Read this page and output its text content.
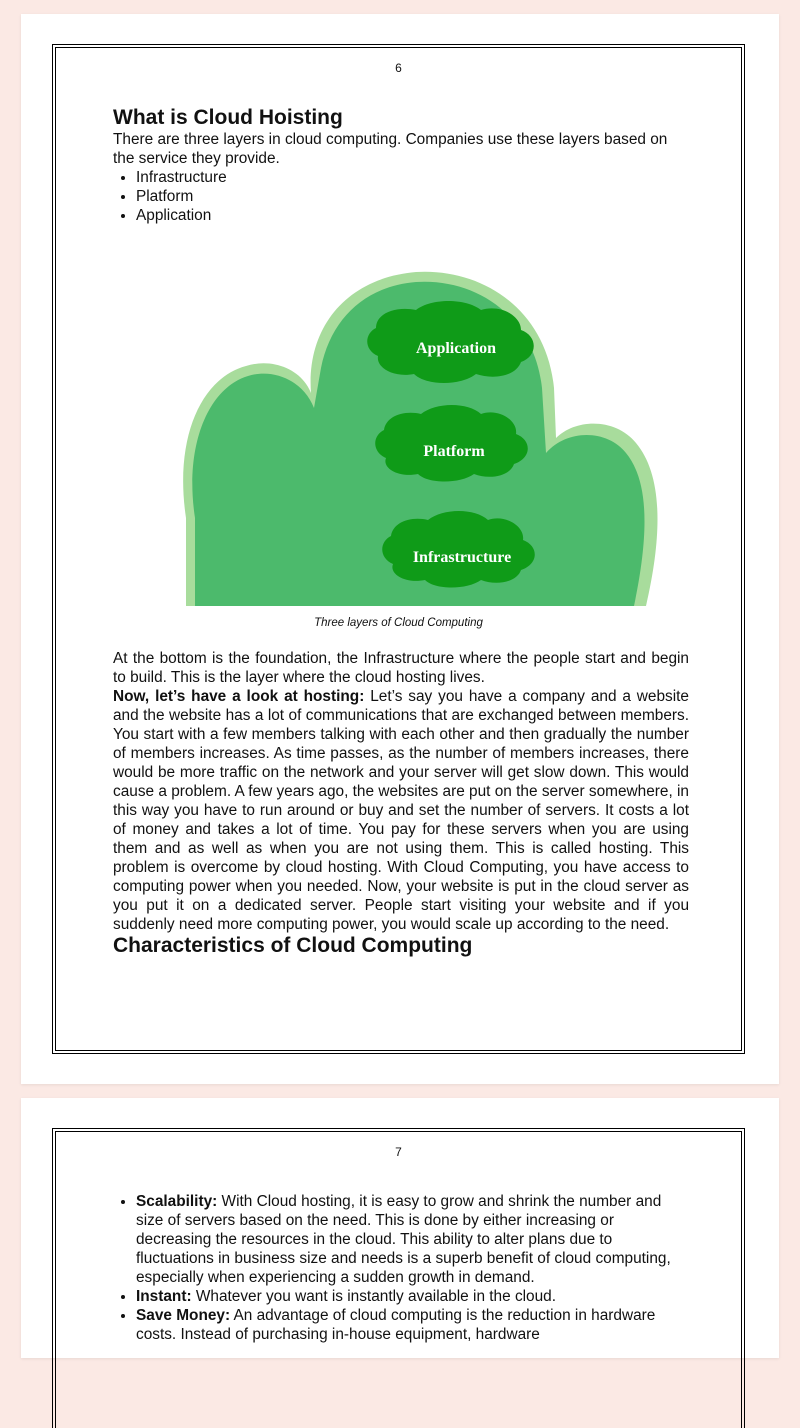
6
What is Cloud Hoisting

There are three layers in cloud computing. Companies use these layers based on the service they provide.

• Infrastructure
• Platform
• Application
Application
Platform
Infrastructure
Three layers of Cloud Computing

At the bottom is the foundation, the Infrastructure where the people start and begin to build. This is the layer where the cloud hosting lives.

Now, let’s have a look at hosting: Let’s say you have a company and a website and the website has a lot of communications that are exchanged between members. You start with a few members talking with each other and then gradually the number of members increases. As time passes, as the number of members increases, there would be more traffic on the network and your server will get slow down. This would cause a problem. A few years ago, the websites are put on the server somewhere, in this way you have to run around or buy and set the number of servers. It costs a lot of money and takes a lot of time. You pay for these servers when you are using them and as well as when you are not using them. This is called hosting. This problem is overcome by cloud hosting. With Cloud Computing, you have access to computing power when you needed. Now, your website is put in the cloud server as you put it on a dedicated server. People start visiting your website and if you suddenly need more computing power, you would scale up according to the need.

Characteristics of Cloud Computing
7
• Scalability: With Cloud hosting, it is easy to grow and shrink the number and size of servers based on the need. This is done by either increasing or decreasing the resources in the cloud. This ability to alter plans due to fluctuations in business size and needs is a superb benefit of cloud computing, especially when experiencing a sudden growth in demand.
• Instant: Whatever you want is instantly available in the cloud.
• Save Money: An advantage of cloud computing is the reduction in hardware costs. Instead of purchasing in-house equipment, hardware
